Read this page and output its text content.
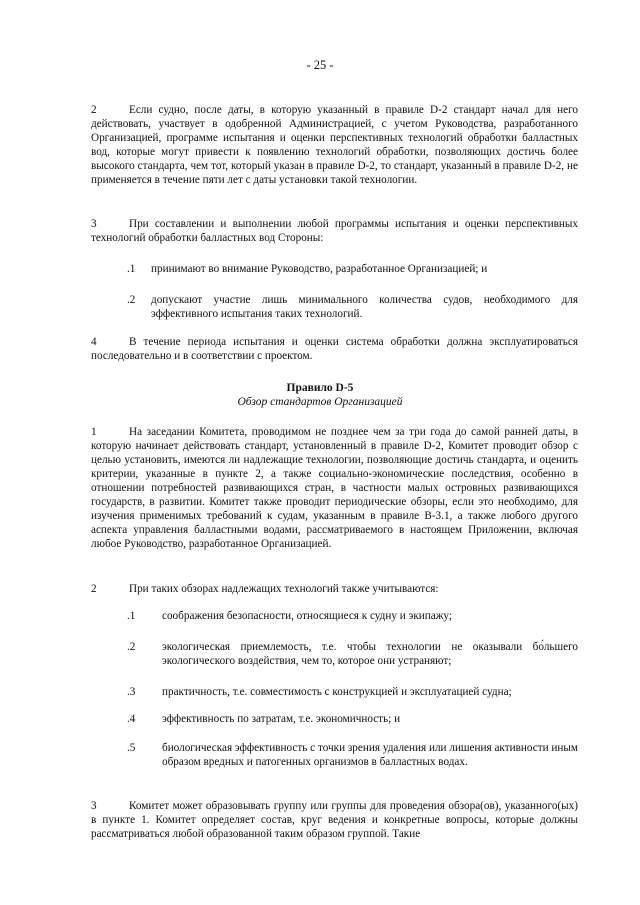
- 25 -
2	Если судно, после даты, в которую указанный в правиле D-2 стандарт начал для него действовать, участвует в одобренной Администрацией, с учетом Руководства, разработанного Организацией, программе испытания и оценки перспективных технологий обработки балластных вод, которые могут привести к появлению технологий обработки, позволяющих достичь более высокого стандарта, чем тот, который указан в правиле D-2, то стандарт, указанный в правиле D-2, не применяется в течение пяти лет с даты установки такой технологии.
3	При составлении и выполнении любой программы испытания и оценки перспективных технологий обработки балластных вод Стороны:
.1	принимают во внимание Руководство, разработанное Организацией; и
.2	допускают участие лишь минимального количества судов, необходимого для эффективного испытания таких технологий.
4	В течение периода испытания и оценки система обработки должна эксплуатироваться последовательно и в соответствии с проектом.
Правило D-5
Обзор стандартов Организацией
1	На заседании Комитета, проводимом не позднее чем за три года до самой ранней даты, в которую начинает действовать стандарт, установленный в правиле D-2, Комитет проводит обзор с целью установить, имеются ли надлежащие технологии, позволяющие достичь стандарта, и оценить критерии, указанные в пункте 2, а также социально-экономические последствия, особенно в отношении потребностей развивающихся стран, в частности малых островных развивающихся государств, в развитии. Комитет также проводит периодические обзоры, если это необходимо, для изучения применимых требований к судам, указанным в правиле B-3.1, а также любого другого аспекта управления балластными водами, рассматриваемого в настоящем Приложении, включая любое Руководство, разработанное Организацией.
2	При таких обзорах надлежащих технологий также учитываются:
.1	соображения безопасности, относящиеся к судну и экипажу;
.2	экологическая приемлемость, т.е. чтобы технологии не оказывали бо́льшего экологического воздействия, чем то, которое они устраняют;
.3	практичность, т.е. совместимость с конструкцией и эксплуатацией судна;
.4	эффективность по затратам, т.е. экономичность; и
.5	биологическая эффективность с точки зрения удаления или лишения активности иным образом вредных и патогенных организмов в балластных водах.
3	Комитет может образовывать группу или группы для проведения обзора(ов), указанного(ых) в пункте 1. Комитет определяет состав, круг ведения и конкретные вопросы, которые должны рассматриваться любой образованной таким образом группой. Такие
